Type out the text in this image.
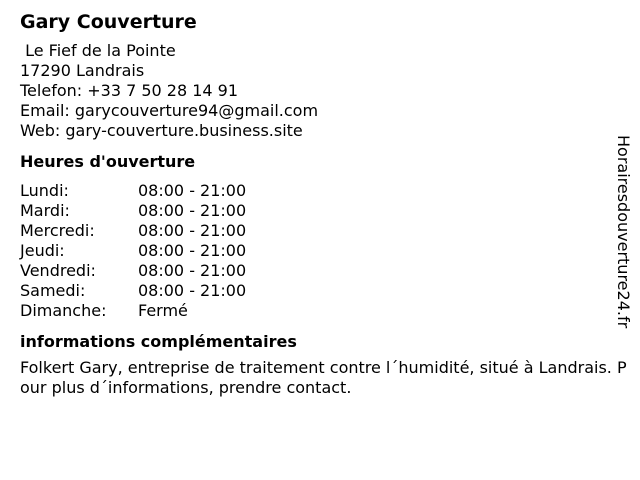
Gary Couverture
Le Fief de la Pointe
17290 Landrais
Telefon: +33 7 50 28 14 91
Email: garycouverture94@gmail.com
Web: gary-couverture.business.site
Heures d'ouverture
Lundi:	08:00 - 21:00
Mardi:	08:00 - 21:00
Mercredi:	08:00 - 21:00
Jeudi:	08:00 - 21:00
Vendredi:	08:00 - 21:00
Samedi:	08:00 - 21:00
Dimanche:	Fermé
informations complémentaires
Folkert Gary, entreprise de traitement contre l´humidité, situé à Landrais. Pour plus d´informations, prendre contact.
Horairesdouverture24.fr
